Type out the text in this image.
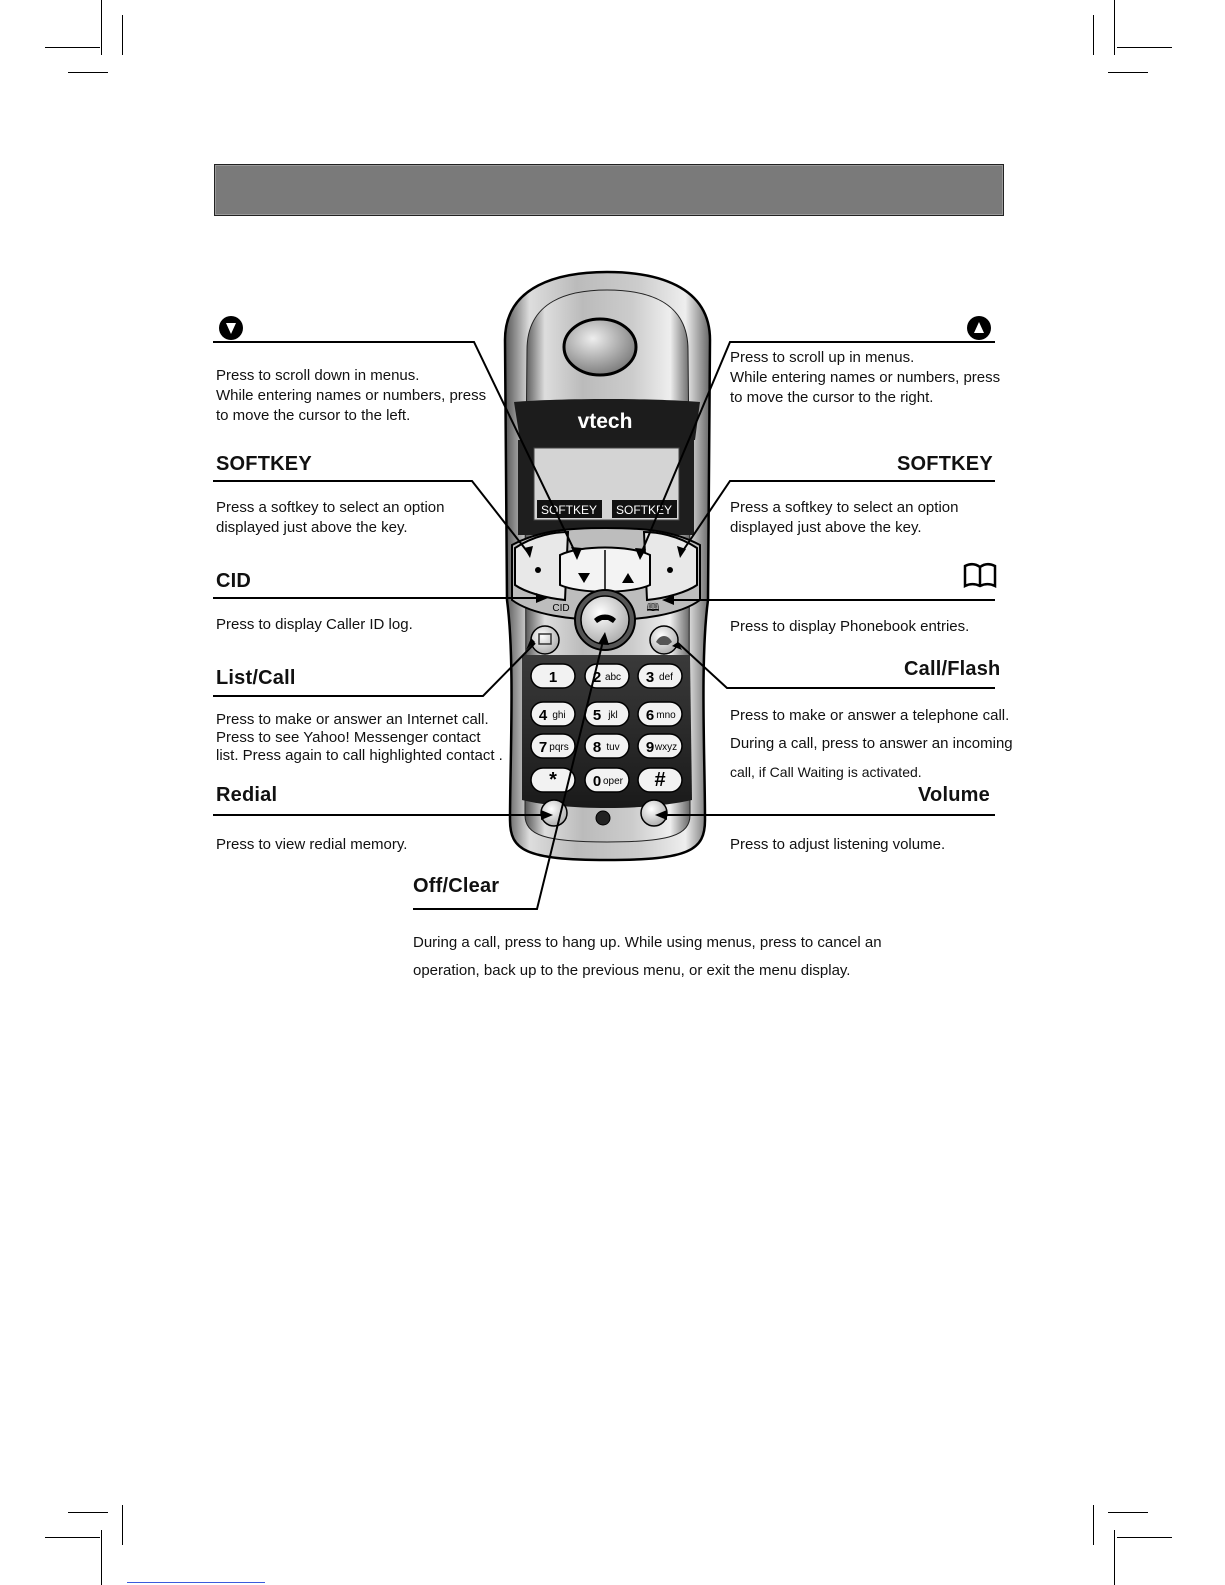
vtech
SOFTKEY SOFTKEY
CID	🕮
1 2 abc 3 def
4 ghi 5 jkl 6 mno
7 pqrs 8 tuv 9 wxyz
* 0 oper #
Press to scroll down in menus.
While entering names or numbers, press
to move the cursor to the left.
Press to scroll up in menus.
While entering names or numbers, press
to move the cursor to the right.
SOFTKEY
Press a softkey to select an option
displayed just above the key.
SOFTKEY
Press a softkey to select an option
displayed just above the key.
CID
Press to display Caller ID log.	Press to display Phonebook entries.
List/Call
Press to make or answer an Internet call.
Press to see Yahoo! Messenger contact
list. Press again to call highlighted contact .
Call/Flash
Press to make or answer a telephone call.
During a call, press to answer an incoming
call, if Call Waiting is activated.
Redial
Press to view redial memory.
Volume
Press to adjust listening volume.
Off/Clear
During a call, press to hang up. While using menus, press to cancel an
operation, back up to the previous menu, or exit the menu display.
